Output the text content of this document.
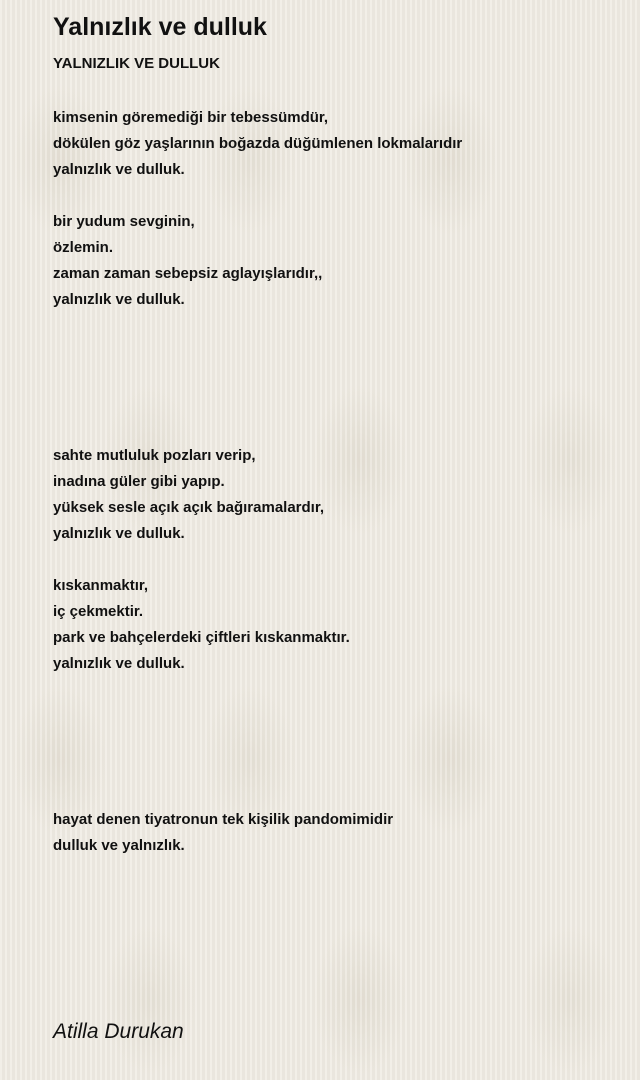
Yalnızlık ve dulluk
YALNIZLIK VE DULLUK

kimsenin göremediği bir tebessümdür,
dökülen göz yaşlarının boğazda düğümlenen lokmalarıdır
yalnızlık ve dulluk.

bir yudum sevginin,
özlemin.
zaman zaman sebepsiz aglayışlarıdır,,
yalnızlık ve dulluk.

sahte mutluluk pozları verip,
inadına güler gibi yapıp.
yüksek sesle açık açık bağıramalardır,
yalnızlık ve dulluk.

kıskanmaktır,
iç çekmektir.
park ve bahçelerdeki çiftleri kıskanmaktır.
yalnızlık ve dulluk.

hayat denen tiyatronun tek kişilik pandomimidir
dulluk ve yalnızlık.

Atilla Durukan
